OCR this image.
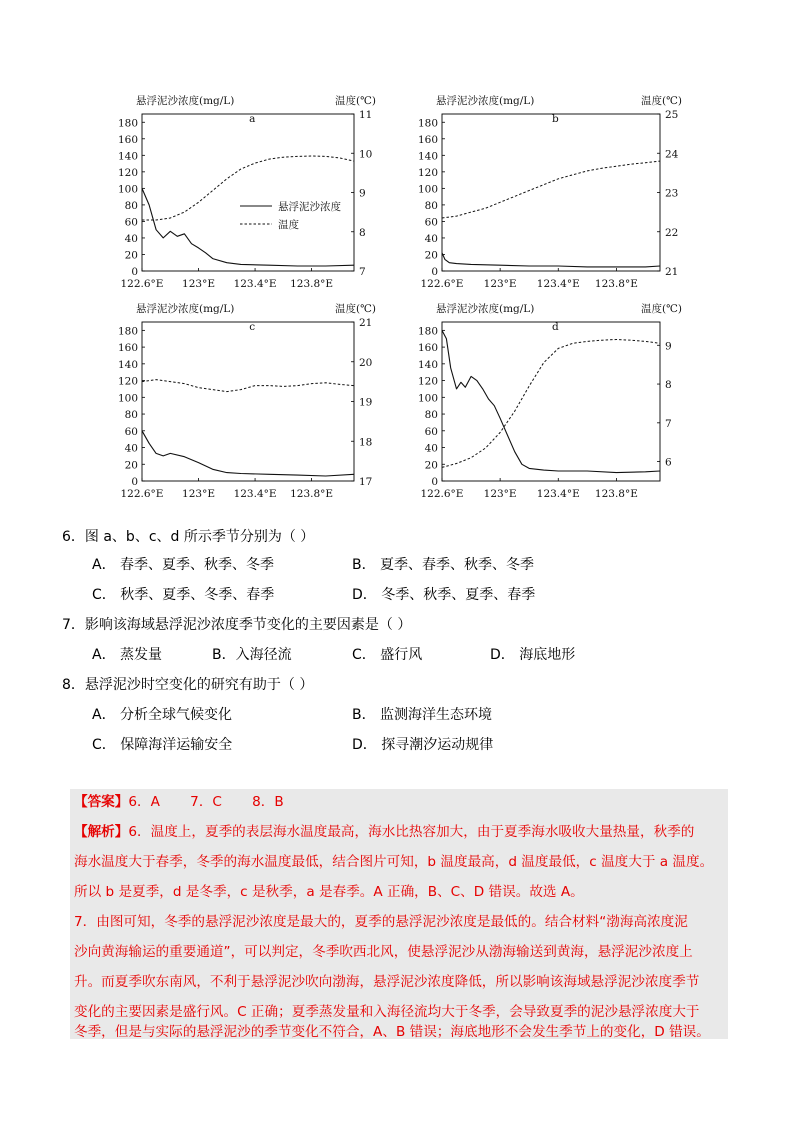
悬浮泥沙浓度(mg/L)	温度(℃)
a
0
20
40
60
80
100
120
140
160
180
7
8
9
10
11
122.6°E 123°E 123.4°E 123.8°E
悬浮泥沙浓度
温度
悬浮泥沙浓度(mg/L)	温度(℃)
b
0
20
40
60
80
100
120
140
160
180
21
22
23
24
25
122.6°E 123°E 123.4°E 123.8°E
悬浮泥沙浓度(mg/L)	温度(℃)
c
0
20
40
60
80
100
120
140
160
180
17
18
19
20
21
122.6°E 123°E 123.4°E 123.8°E
悬浮泥沙浓度(mg/L)	温度(℃)
d
0
20
40
60
80
100
120
140
160
180
6
7
8
9
122.6°E 123°E 123.4°E 123.8°E
6．图 a、b、c、d 所示季节分别为（ ）
A． 春季、夏季、秋季、冬季	B． 夏季、春季、秋季、冬季
C． 秋季、夏季、冬季、春季	D． 冬季、秋季、夏季、春季
7．影响该海域悬浮泥沙浓度季节变化的主要因素是（ ）
A． 蒸发量	B．入海径流	C． 盛行风	D． 海底地形
8．悬浮泥沙时空变化的研究有助于（ ）
A． 分析全球气候变化	B． 监测海洋生态环境
C． 保障海洋运输安全	D． 探寻潮汐运动规律
【答案】6．A       7．C       8．B
【解析】6．温度上，夏季的表层海水温度最高，海水比热容加大，由于夏季海水吸收大量热量，秋季的
海水温度大于春季，冬季的海水温度最低，结合图片可知，b 温度最高，d 温度最低，c 温度大于 a 温度。
所以 b 是夏季，d 是冬季，c 是秋季，a 是春季。A 正确，B、C、D 错误。故选 A。
7．由图可知，冬季的悬浮泥沙浓度是最大的，夏季的悬浮泥沙浓度是最低的。结合材料“渤海高浓度泥
沙向黄海输运的重要通道”，可以判定，冬季吹西北风，使悬浮泥沙从渤海输送到黄海，悬浮泥沙浓度上
升。而夏季吹东南风，不利于悬浮泥沙吹向渤海，悬浮泥沙浓度降低，所以影响该海域悬浮泥沙浓度季节
变化的主要因素是盛行风。C 正确；夏季蒸发量和入海径流均大于冬季，会导致夏季的泥沙悬浮浓度大于
冬季，但是与实际的悬浮泥沙的季节变化不符合，A、B 错误；海底地形不会发生季节上的变化，D 错误。
